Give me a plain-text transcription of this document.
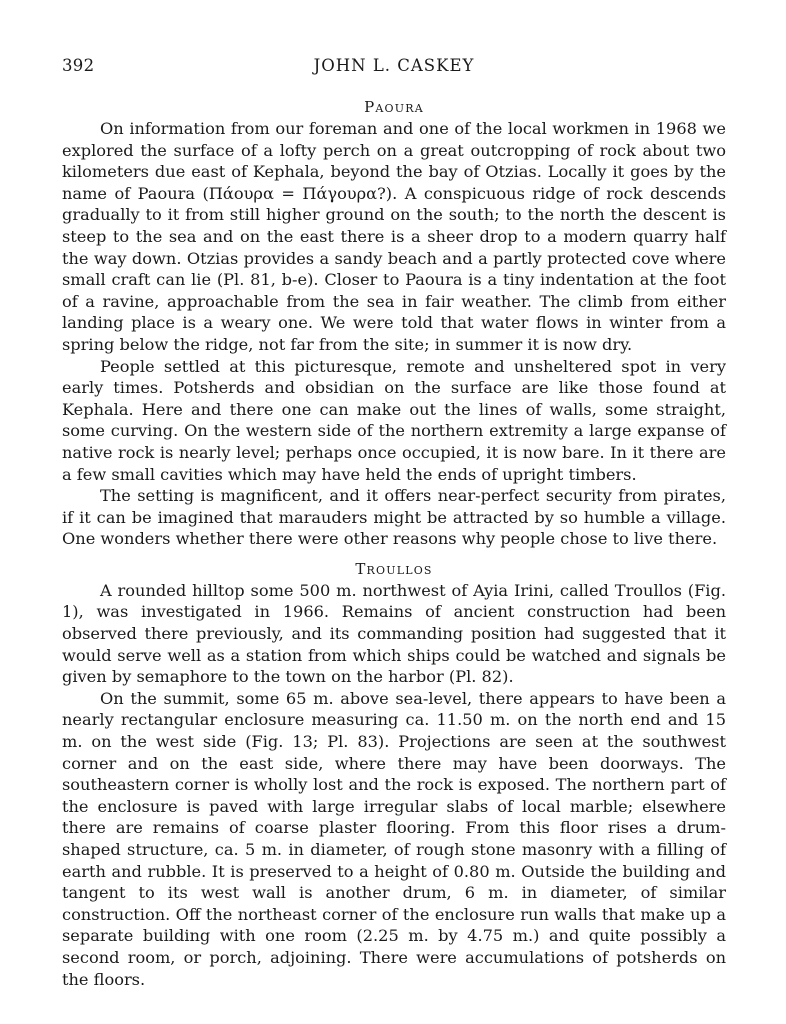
392	JOHN L. CASKEY
Paoura

On information from our foreman and one of the local workmen in 1968 we explored the surface of a lofty perch on a great outcropping of rock about two kilometers due east of Kephala, beyond the bay of Otzias. Locally it goes by the name of Paoura (Πάουρα = Πάγουρα?). A conspicuous ridge of rock descends gradually to it from still higher ground on the south; to the north the descent is steep to the sea and on the east there is a sheer drop to a modern quarry half the way down. Otzias provides a sandy beach and a partly protected cove where small craft can lie (Pl. 81, b-e). Closer to Paoura is a tiny indentation at the foot of a ravine, approachable from the sea in fair weather. The climb from either landing place is a weary one. We were told that water flows in winter from a spring below the ridge, not far from the site; in summer it is now dry.

People settled at this picturesque, remote and unsheltered spot in very early times. Potsherds and obsidian on the surface are like those found at Kephala. Here and there one can make out the lines of walls, some straight, some curving. On the western side of the northern extremity a large expanse of native rock is nearly level; perhaps once occupied, it is now bare. In it there are a few small cavities which may have held the ends of upright timbers.

The setting is magnificent, and it offers near-perfect security from pirates, if it can be imagined that marauders might be attracted by so humble a village. One wonders whether there were other reasons why people chose to live there.

Troullos

A rounded hilltop some 500 m. northwest of Ayia Irini, called Troullos (Fig. 1), was investigated in 1966. Remains of ancient construction had been observed there previously, and its commanding position had suggested that it would serve well as a station from which ships could be watched and signals be given by semaphore to the town on the harbor (Pl. 82).

On the summit, some 65 m. above sea-level, there appears to have been a nearly rectangular enclosure measuring ca. 11.50 m. on the north end and 15 m. on the west side (Fig. 13; Pl. 83). Projections are seen at the southwest corner and on the east side, where there may have been doorways. The southeastern corner is wholly lost and the rock is exposed. The northern part of the enclosure is paved with large irregular slabs of local marble; elsewhere there are remains of coarse plaster flooring. From this floor rises a drum-shaped structure, ca. 5 m. in diameter, of rough stone masonry with a filling of earth and rubble. It is preserved to a height of 0.80 m. Outside the building and tangent to its west wall is another drum, 6 m. in diameter, of similar construction. Off the northeast corner of the enclosure run walls that make up a separate building with one room (2.25 m. by 4.75 m.) and quite possibly a second room, or porch, adjoining. There were accumulations of potsherds on the floors.
